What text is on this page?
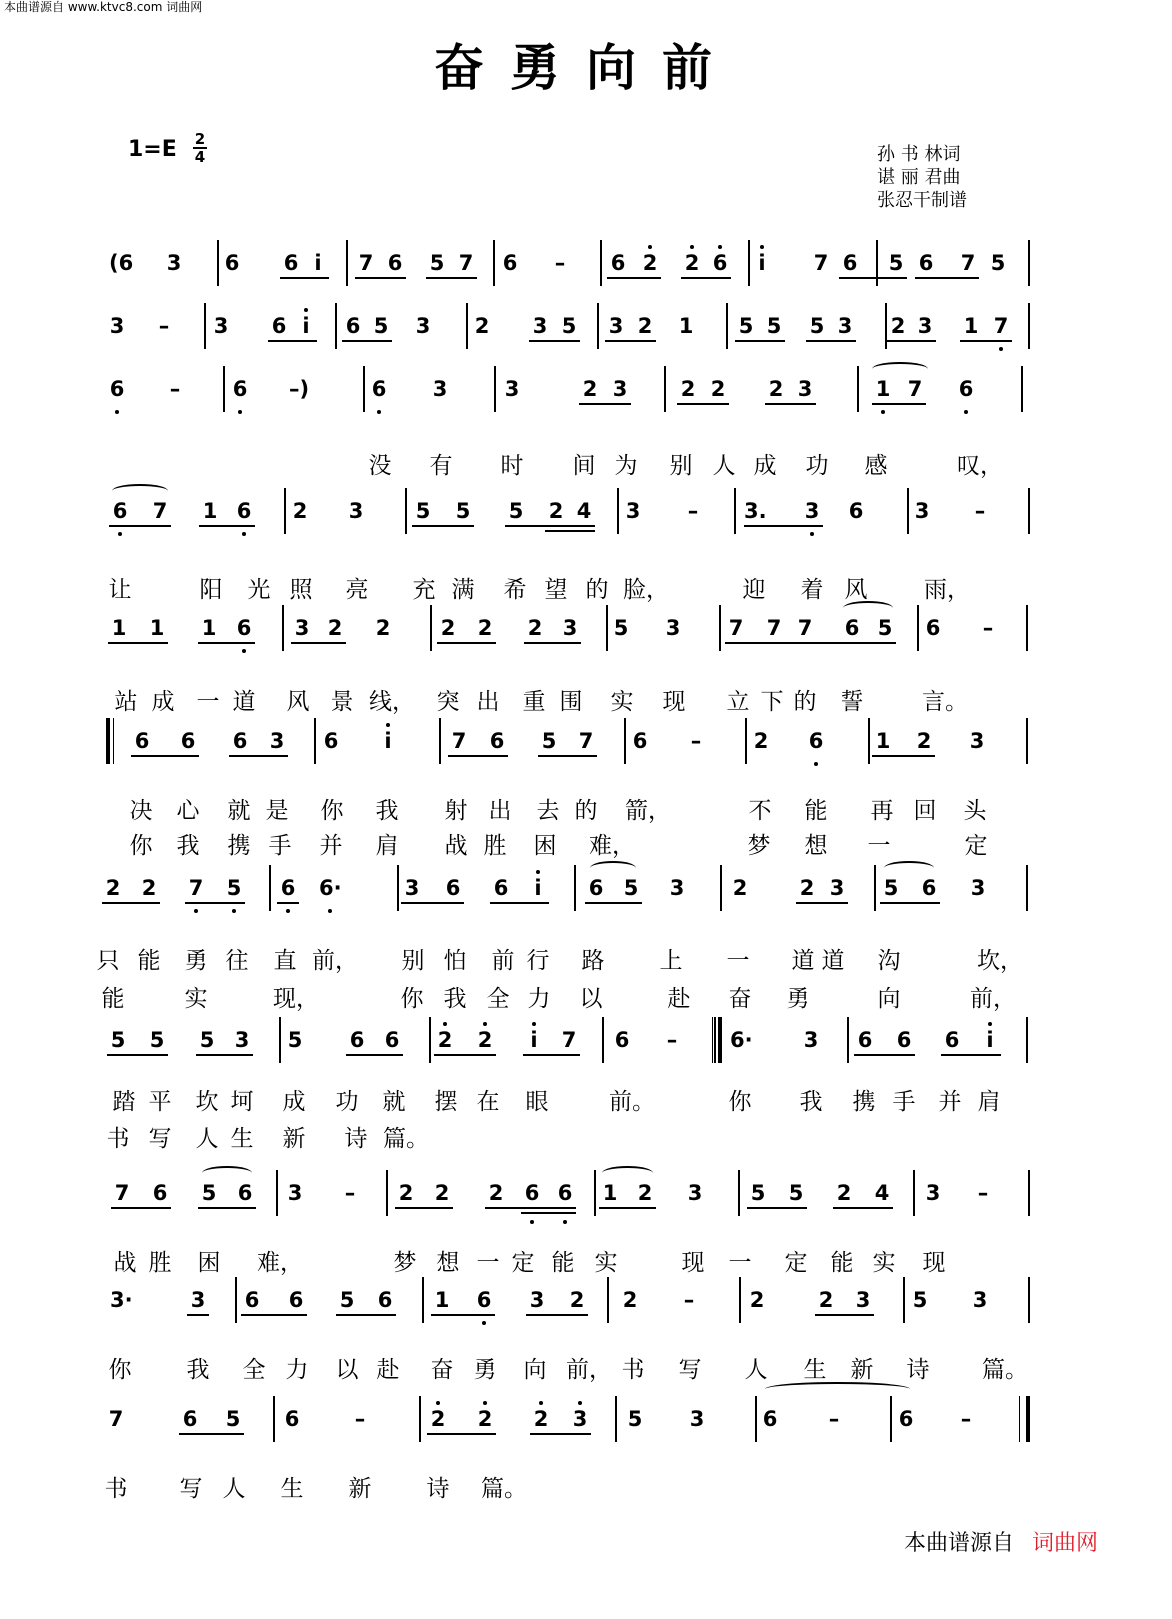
本曲谱源自 www.ktvc8.com 词曲网
奋勇向前
1=E 2
4	孙 书 林词
谌 丽 君曲
张忍干制谱
本曲谱源自 词曲网
(6 3 6 6 i	7 6 5 7 6 – 6 2 2 6	i	7 6 5 6 7 5
3 – 3 6 i	6 5 3 2 3 5 3 2 1 5 5 5 3 2 3 1 7
6 – 6 –)	6 3	3	2 3	2 2 2 3	1 7 6
没 有 时 间 为 别 人 成 功 感	叹，
6 7 1 6 2 3 5 5 5 2 4 3 – 3. 3 6 3 –
让	阳 光 照 亮 充 满 希 望 的 脸，	迎 着 风 雨，
1 1 1 6 3 2 2 2 2 2 3 5 3 7 7 7 6 5 6 –
站 成 一 道 风 景 线， 突 出 重 围 实 现 立 下 的 誓	言。
6 6 6 3 6	i	7 6 5 7 6 – 2 6 1 2 3
决 心 就 是 你 我 射 出 去 的 箭，	不 能 再 回 头
你 我 携 手 并 肩 战 胜 困 难，	梦 想 一	定
2 2 7 5 6 6·	3 6 6	i	6 5 3 2 2 3 5 6 3
只 能 勇 往 直 前， 别 怕 前 行 路 上 一 道 道 沟	坎，
能	实	现，	你 我 全 力 以	赴 奋 勇	向	前，
5 5 5 3 5 6 6 2 2	i	7 6 –	6· 3 6 6 6	i
踏 平 坎 坷 成 功 就 摆 在 眼	前。	你 我 携 手 并 肩
书 写 人 生 新 诗 篇。
7 6 5 6 3 – 2 2 2 6 6 1 2 3 5 5 2 4 3 –
战 胜 困 难，	梦 想 一 定 能 实	现 一 定 能 实 现
3·	3 6 6 5 6 1 6 3 2 2 –	2	2 3 5 3
你 我 全 力 以 赴 奋 勇 向 前， 书 写 人 生 新 诗 篇。
7	6 5 6	–	2 2 2 3 5 3	6 –	6 –
书 写 人 生 新 诗 篇。
